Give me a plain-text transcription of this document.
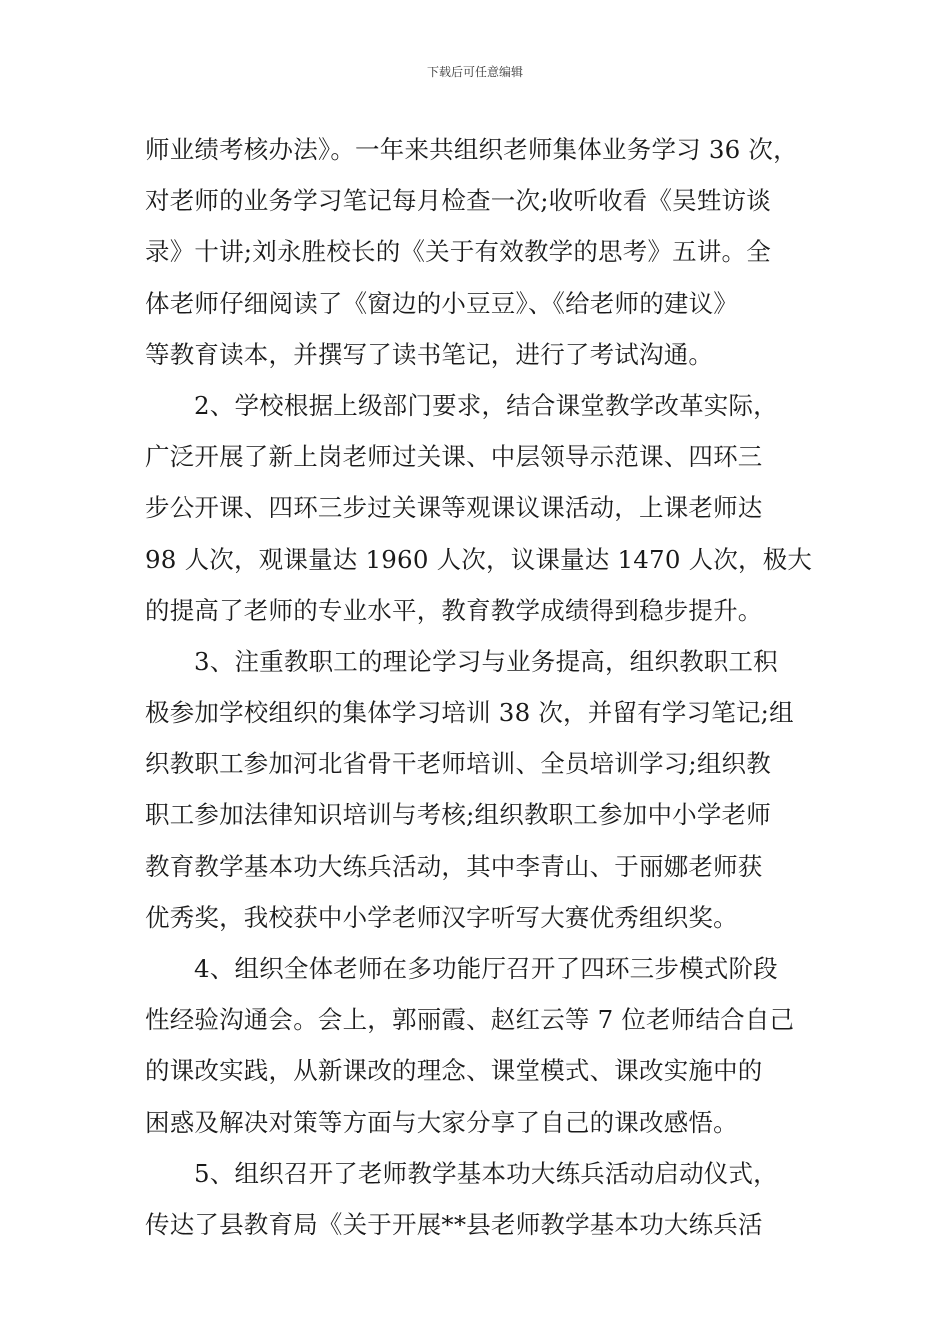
下载后可任意编辑
师业绩考核办法》。一年来共组织老师集体业务学习 36 次，
对老师的业务学习笔记每月检查一次;收听收看《吴甡访谈
录》十讲;刘永胜校长的《关于有效教学的思考》五讲。全
体老师仔细阅读了《窗边的小豆豆》、《给老师的建议》
等教育读本，并撰写了读书笔记，进行了考试沟通。
2、学校根据上级部门要求，结合课堂教学改革实际，
广泛开展了新上岗老师过关课、中层领导示范课、四环三
步公开课、四环三步过关课等观课议课活动，上课老师达
98 人次，观课量达 1960 人次，议课量达 1470 人次，极大
的提高了老师的专业水平，教育教学成绩得到稳步提升。
3、注重教职工的理论学习与业务提高，组织教职工积
极参加学校组织的集体学习培训 38 次，并留有学习笔记;组
织教职工参加河北省骨干老师培训、全员培训学习;组织教
职工参加法律知识培训与考核;组织教职工参加中小学老师
教育教学基本功大练兵活动，其中李青山、于丽娜老师获
优秀奖，我校获中小学老师汉字听写大赛优秀组织奖。
4、组织全体老师在多功能厅召开了四环三步模式阶段
性经验沟通会。会上，郭丽霞、赵红云等 7 位老师结合自己
的课改实践，从新课改的理念、课堂模式、课改实施中的
困惑及解决对策等方面与大家分享了自己的课改感悟。
5、组织召开了老师教学基本功大练兵活动启动仪式，
传达了县教育局《关于开展**县老师教学基本功大练兵活
